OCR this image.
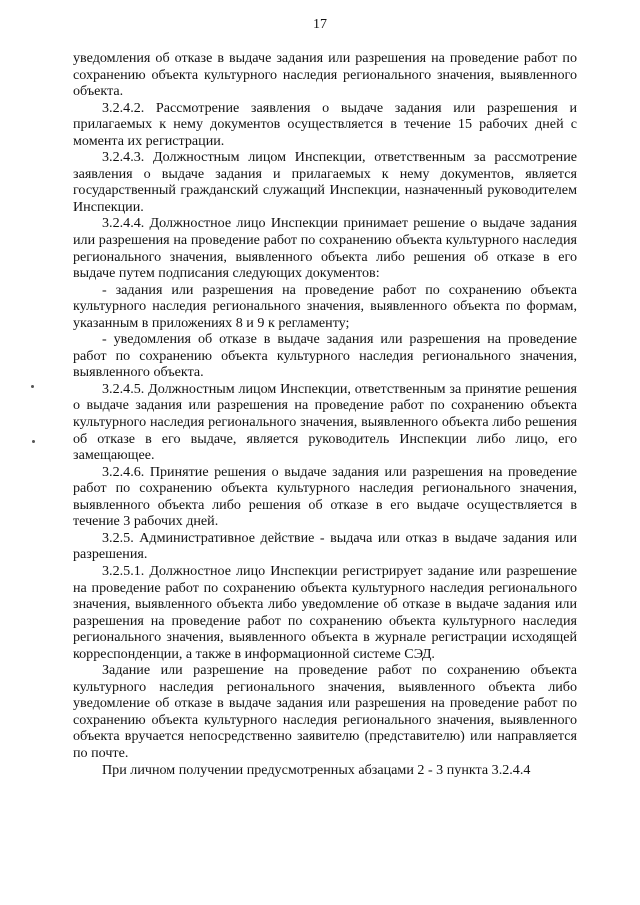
17

уведомления об отказе в выдаче задания или разрешения на проведение работ по сохранению объекта культурного наследия регионального значения, выявленного объекта.

3.2.4.2. Рассмотрение заявления о выдаче задания или разрешения и прилагаемых к нему документов осуществляется в течение 15 рабочих дней с момента их регистрации.

3.2.4.3. Должностным лицом Инспекции, ответственным за рассмотрение заявления о выдаче задания и прилагаемых к нему документов, является государственный гражданский служащий Инспекции, назначенный руководителем Инспекции.

3.2.4.4. Должностное лицо Инспекции принимает решение о выдаче задания или разрешения на проведение работ по сохранению объекта культурного наследия регионального значения, выявленного объекта либо решения об отказе в его выдаче путем подписания следующих документов:

- задания или разрешения на проведение работ по сохранению объекта культурного наследия регионального значения, выявленного объекта по формам, указанным в приложениях 8 и 9 к регламенту;

- уведомления об отказе в выдаче задания или разрешения на проведение работ по сохранению объекта культурного наследия регионального значения, выявленного объекта.

3.2.4.5. Должностным лицом Инспекции, ответственным за принятие решения о выдаче задания или разрешения на проведение работ по сохранению объекта культурного наследия регионального значения, выявленного объекта либо решения об отказе в его выдаче, является руководитель Инспекции либо лицо, его замещающее.

3.2.4.6. Принятие решения о выдаче задания или разрешения на проведение работ по сохранению объекта культурного наследия регионального значения, выявленного объекта либо решения об отказе в его выдаче осуществляется в течение 3 рабочих дней.

3.2.5. Административное действие - выдача или отказ в выдаче задания или разрешения.

3.2.5.1. Должностное лицо Инспекции регистрирует задание или разрешение на проведение работ по сохранению объекта культурного наследия регионального значения, выявленного объекта либо уведомление об отказе в выдаче задания или разрешения на проведение работ по сохранению объекта культурного наследия регионального значения, выявленного объекта в журнале регистрации исходящей корреспонденции, а также в информационной системе СЭД.

Задание или разрешение на проведение работ по сохранению объекта культурного наследия регионального значения, выявленного объекта либо уведомление об отказе в выдаче задания или разрешения на проведение работ по сохранению объекта культурного наследия регионального значения, выявленного объекта вручается непосредственно заявителю (представителю) или направляется по почте.

При личном получении предусмотренных абзацами 2 - 3 пункта 3.2.4.4
